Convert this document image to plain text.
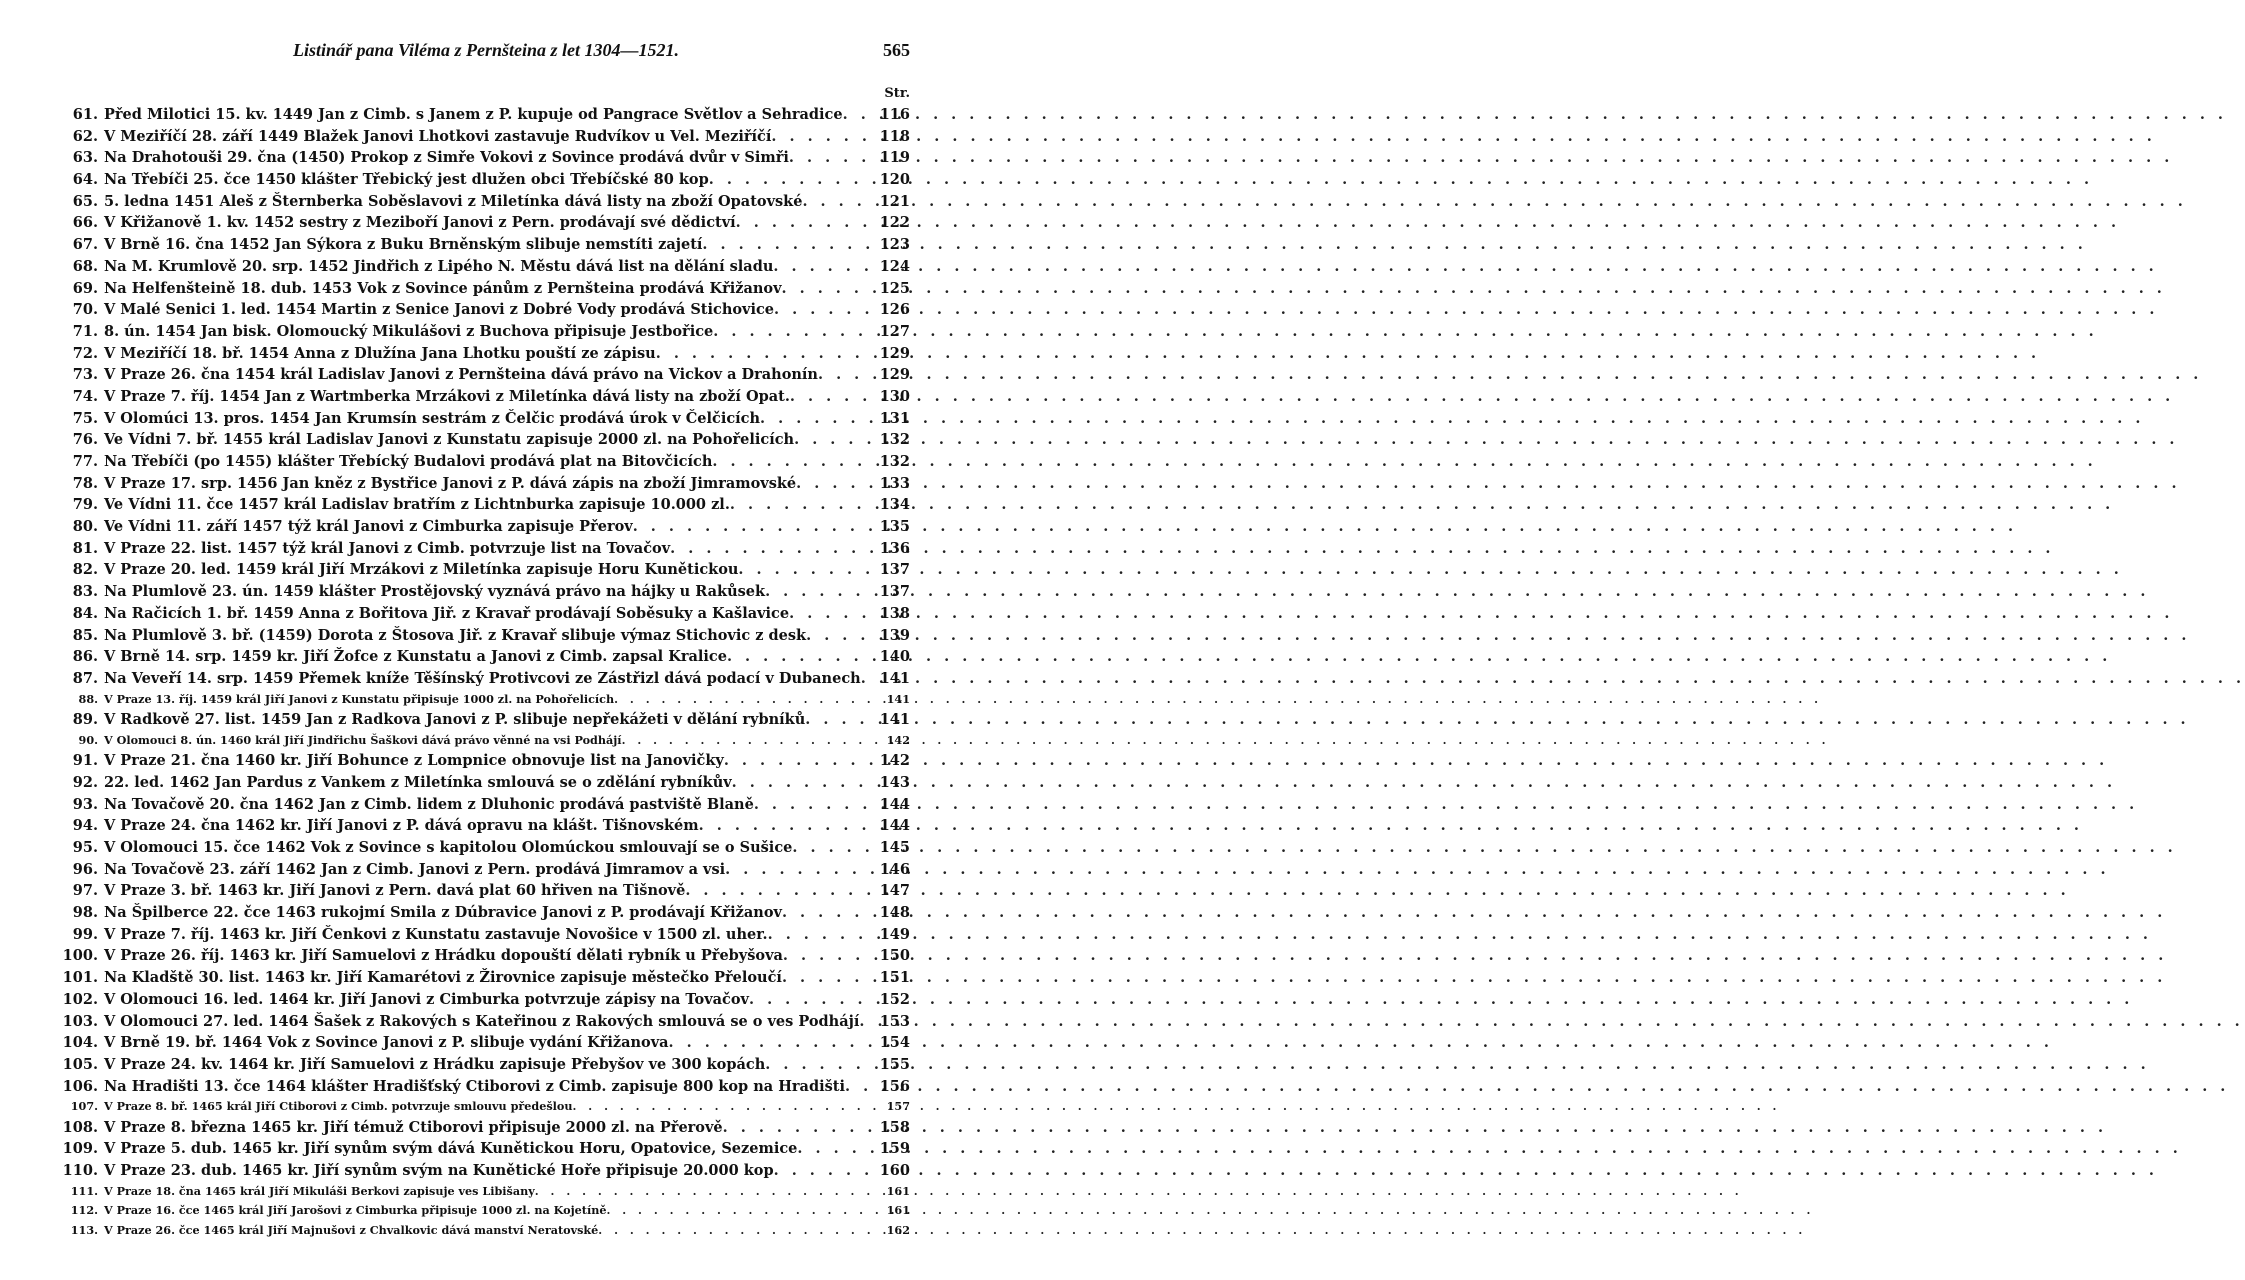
Listinář pana Viléma z Pernšteina z let 1304—1521.	565
Str.
61. Před Milotici 15. kv. 1449 Jan z Cimb. s Janem z P. kupuje od Pangrace Světlov a Sehradice . . .	116
62. V Meziříčí 28. září 1449 Blažek Janovi Lhotkovi zastavuje Rudvíkov u Vel. Meziříčí . . .	118
63. Na Drahotouši 29. čna (1450) Prokop z Simře Vokovi z Sovince prodává dvůr v Simři . . .	119
64. Na Třebíči 25. čce 1450 klášter Třebický jest dlužen obci Třebíčské 80 kop . . .	120
65. 5. ledna 1451 Aleš z Šternberka Soběslavovi z Miletínka dává listy na zboží Opatovské . . .	121
66. V Křižanově 1. kv. 1452 sestry z Meziboří Janovi z Pern. prodávají své dědictví . . .	122
67. V Brně 16. čna 1452 Jan Sýkora z Buku Brněnským slibuje nemstíti zajetí . . .	123
68. Na M. Krumlově 20. srp. 1452 Jindřich z Lipého N. Městu dává list na dělání sladu . . .	124
69. Na Helfenšteině 18. dub. 1453 Vok z Sovince pánům z Pernšteina prodává Křižanov . . .	125
70. V Malé Senici 1. led. 1454 Martin z Senice Janovi z Dobré Vody prodává Stichovice . . .	126
71. 8. ún. 1454 Jan bisk. Olomoucký Mikulášovi z Buchova připisuje Jestbořice . . .	127
72. V Meziříčí 18. bř. 1454 Anna z Dlužína Jana Lhotku pouští ze zápisu . . .	129
73. V Praze 26. čna 1454 král Ladislav Janovi z Pernšteina dává právo na Vickov a Drahonín . . .	129
74. V Praze 7. říj. 1454 Jan z Wartmberka Mrzákovi z Miletínka dává listy na zboží Opat. . . .	130
75. V Olomúci 13. pros. 1454 Jan Krumsín sestrám z Čelčic prodává úrok v Čelčicích . . .	131
76. Ve Vídni 7. bř. 1455 král Ladislav Janovi z Kunstatu zapisuje 2000 zl. na Pohořelicích . . .	132
77. Na Třebíči (po 1455) klášter Třebícký Budalovi prodává plat na Bitovčicích . . .	132
78. V Praze 17. srp. 1456 Jan kněz z Bystřice Janovi z P. dává zápis na zboží Jimramovské . . .	133
79. Ve Vídni 11. čce 1457 král Ladislav bratřím z Lichtnburka zapisuje 10.000 zl. . . .	134
80. Ve Vídni 11. září 1457 týž král Janovi z Cimburka zapisuje Přerov . . .	135
81. V Praze 22. list. 1457 týž král Janovi z Cimb. potvrzuje list na Tovačov . . .	136
82. V Praze 20. led. 1459 král Jiří Mrzákovi z Miletínka zapisuje Horu Kunětickou . . .	137
83. Na Plumlově 23. ún. 1459 klášter Prostějovský vyznává právo na hájky u Rakůsek . . .	137
84. Na Račicích 1. bř. 1459 Anna z Bořitova Jiř. z Kravař prodávají Soběsuky a Kašlavice . . .	138
85. Na Plumlově 3. bř. (1459) Dorota z Štosova Jiř. z Kravař slibuje výmaz Stichovic z desk . . .	139
86. V Brně 14. srp. 1459 kr. Jiří Žofce z Kunstatu a Janovi z Cimb. zapsal Kralice . . .	140
87. Na Veveří 14. srp. 1459 Přemek kníže Těšínský Protivcovi ze Zástřizl dává podací v Dubanech . . . 141
88. V Praze 13. říj. 1459 král Jiří Janovi z Kunstatu připisuje 1000 zl. na Pohořelicích . . .	141
89. V Radkově 27. list. 1459 Jan z Radkova Janovi z P. slibuje nepřekážeti v dělání rybníků . . .	141
90. V Olomouci 8. ún. 1460 král Jiří Jindřichu Šaškovi dává právo věnné na vsi Podhájí . . .	142
91. V Praze 21. čna 1460 kr. Jiří Bohunce z Lompnice obnovuje list na Janovičky . . .	142
92. 22. led. 1462 Jan Pardus z Vankem z Miletínka smlouvá se o zdělání rybníkův . . .	143
93. Na Tovačově 20. čna 1462 Jan z Cimb. lidem z Dluhonic prodává pastviště Blaně . . .	144
94. V Praze 24. čna 1462 kr. Jiří Janovi z P. dává opravu na klášt. Tišnovském . . .	144
95. V Olomouci 15. čce 1462 Vok z Sovince s kapitolou Olomúckou smlouvají se o Sušice . . .	145
96. Na Tovačově 23. září 1462 Jan z Cimb. Janovi z Pern. prodává Jimramov a vsi . . .	146
97. V Praze 3. bř. 1463 kr. Jiří Janovi z Pern. davá plat 60 hřiven na Tišnově . . .	147
98. Na Špilberce 22. čce 1463 rukojmí Smila z Dúbravice Janovi z P. prodávají Křižanov . . .	148
99. V Praze 7. říj. 1463 kr. Jiří Čenkovi z Kunstatu zastavuje Novošice v 1500 zl. uher. . . .	149
100. V Praze 26. říj. 1463 kr. Jiří Samuelovi z Hrádku dopouští dělati rybník u Přebyšova . . .	150
101. Na Kladště 30. list. 1463 kr. Jiří Kamarétovi z Žirovnice zapisuje městečko Přeloučí . . .	151
102. V Olomouci 16. led. 1464 kr. Jiří Janovi z Cimburka potvrzuje zápisy na Tovačov . . .	152
103. V Olomouci 27. led. 1464 Šašek z Rakových s Kateřinou z Rakových smlouvá se o ves Podhájí . . . 153
104. V Brně 19. bř. 1464 Vok z Sovince Janovi z P. slibuje vydání Křižanova . . .	154
105. V Praze 24. kv. 1464 kr. Jiří Samuelovi z Hrádku zapisuje Přebyšov ve 300 kopách . . .	155
106. Na Hradišti 13. čce 1464 klášter Hradišťský Ctiborovi z Cimb. zapisuje 800 kop na Hradišti . . . 156
107. V Praze 8. bř. 1465 král Jiří Ctiborovi z Cimb. potvrzuje smlouvu předešlou . . .	157
108. V Praze 8. března 1465 kr. Jiří témuž Ctiborovi připisuje 2000 zl. na Přerově . . .	158
109. V Praze 5. dub. 1465 kr. Jiří synům svým dává Kunětickou Horu, Opatovice, Sezemice . . .	159
110. V Praze 23. dub. 1465 kr. Jiří synům svým na Kunětické Hoře připisuje 20.000 kop . . .	160
111. V Praze 18. čna 1465 král Jiří Mikuláši Berkovi zapisuje ves Libišany . . .	161
112. V Praze 16. čce 1465 král Jiří Jarošovi z Cimburka připisuje 1000 zl. na Kojetíně . . .	161
113. V Praze 26. čce 1465 král Jiří Majnušovi z Chvalkovic dává manství Neratovské . . .	162
